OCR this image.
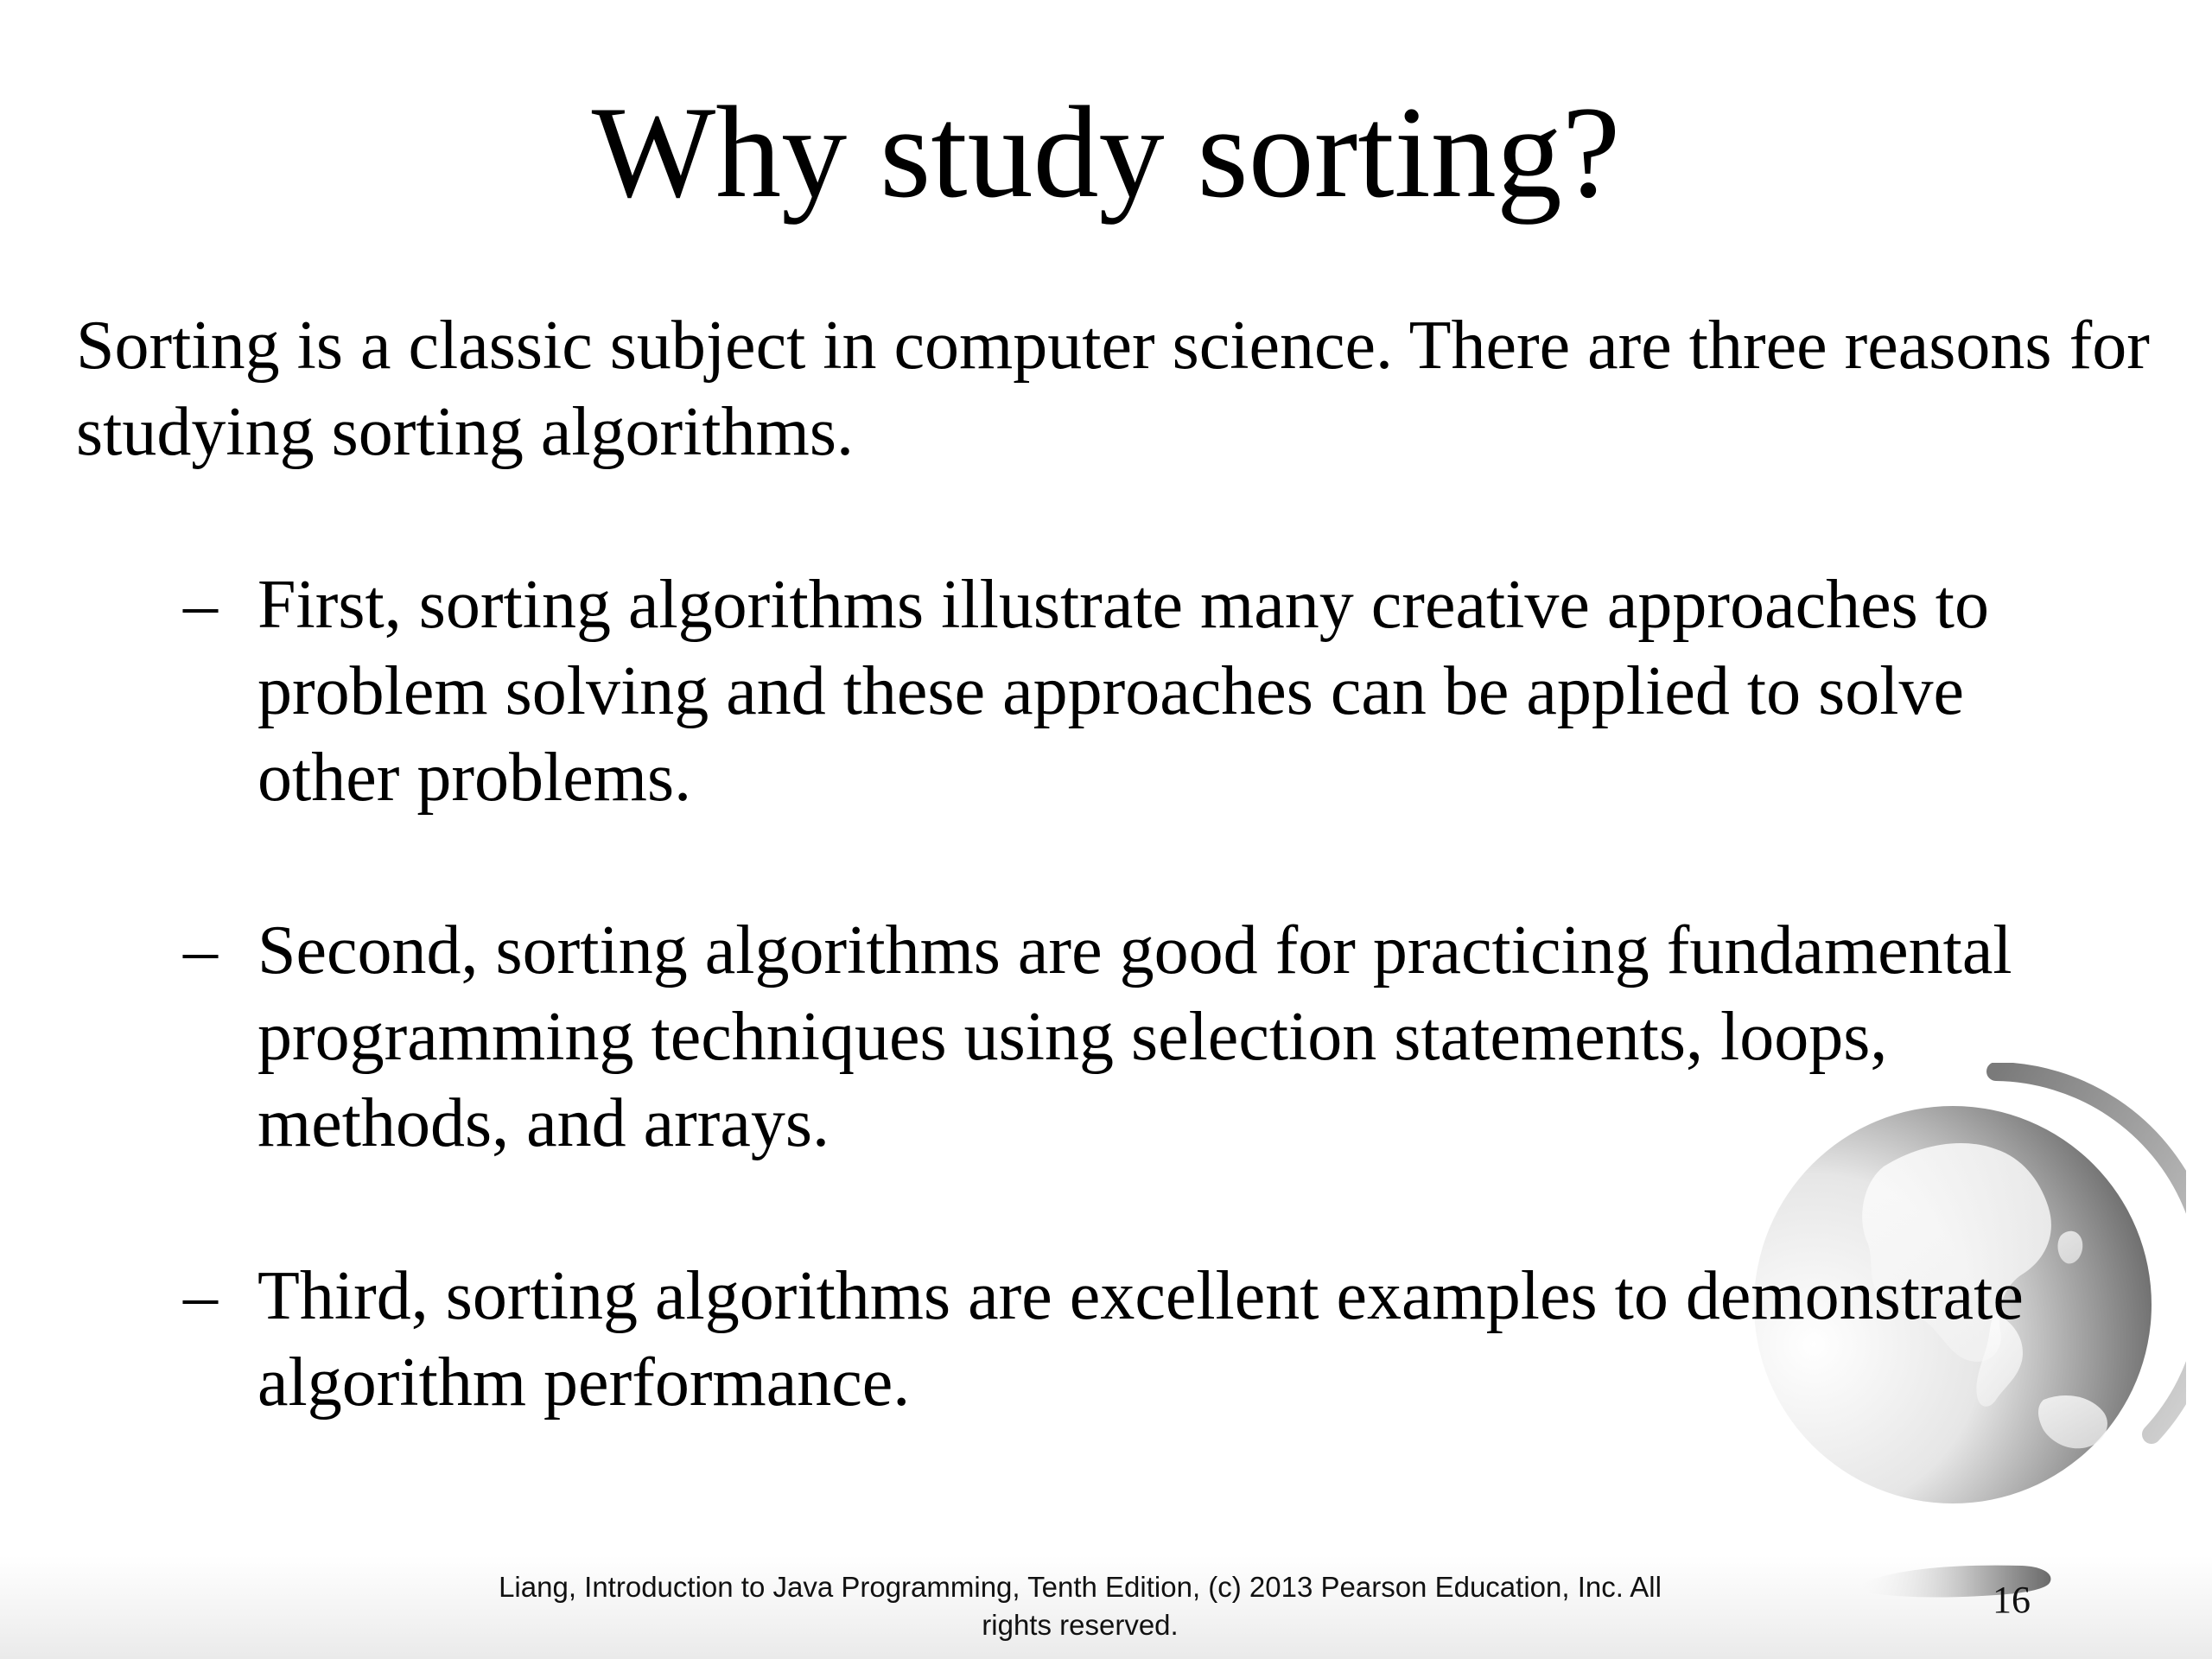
Why study sorting?

Sorting is a classic subject in computer science. There are three reasons for studying sorting algorithms.

– First, sorting algorithms illustrate many creative approaches to problem solving and these approaches can be applied to solve other problems.
– Second, sorting algorithms are good for practicing fundamental programming techniques using selection statements, loops, methods, and arrays.
– Third, sorting algorithms are excellent examples to demonstrate algorithm performance.
Liang, Introduction to Java Programming, Tenth Edition, (c) 2013 Pearson Education, Inc. All
rights reserved.
16
